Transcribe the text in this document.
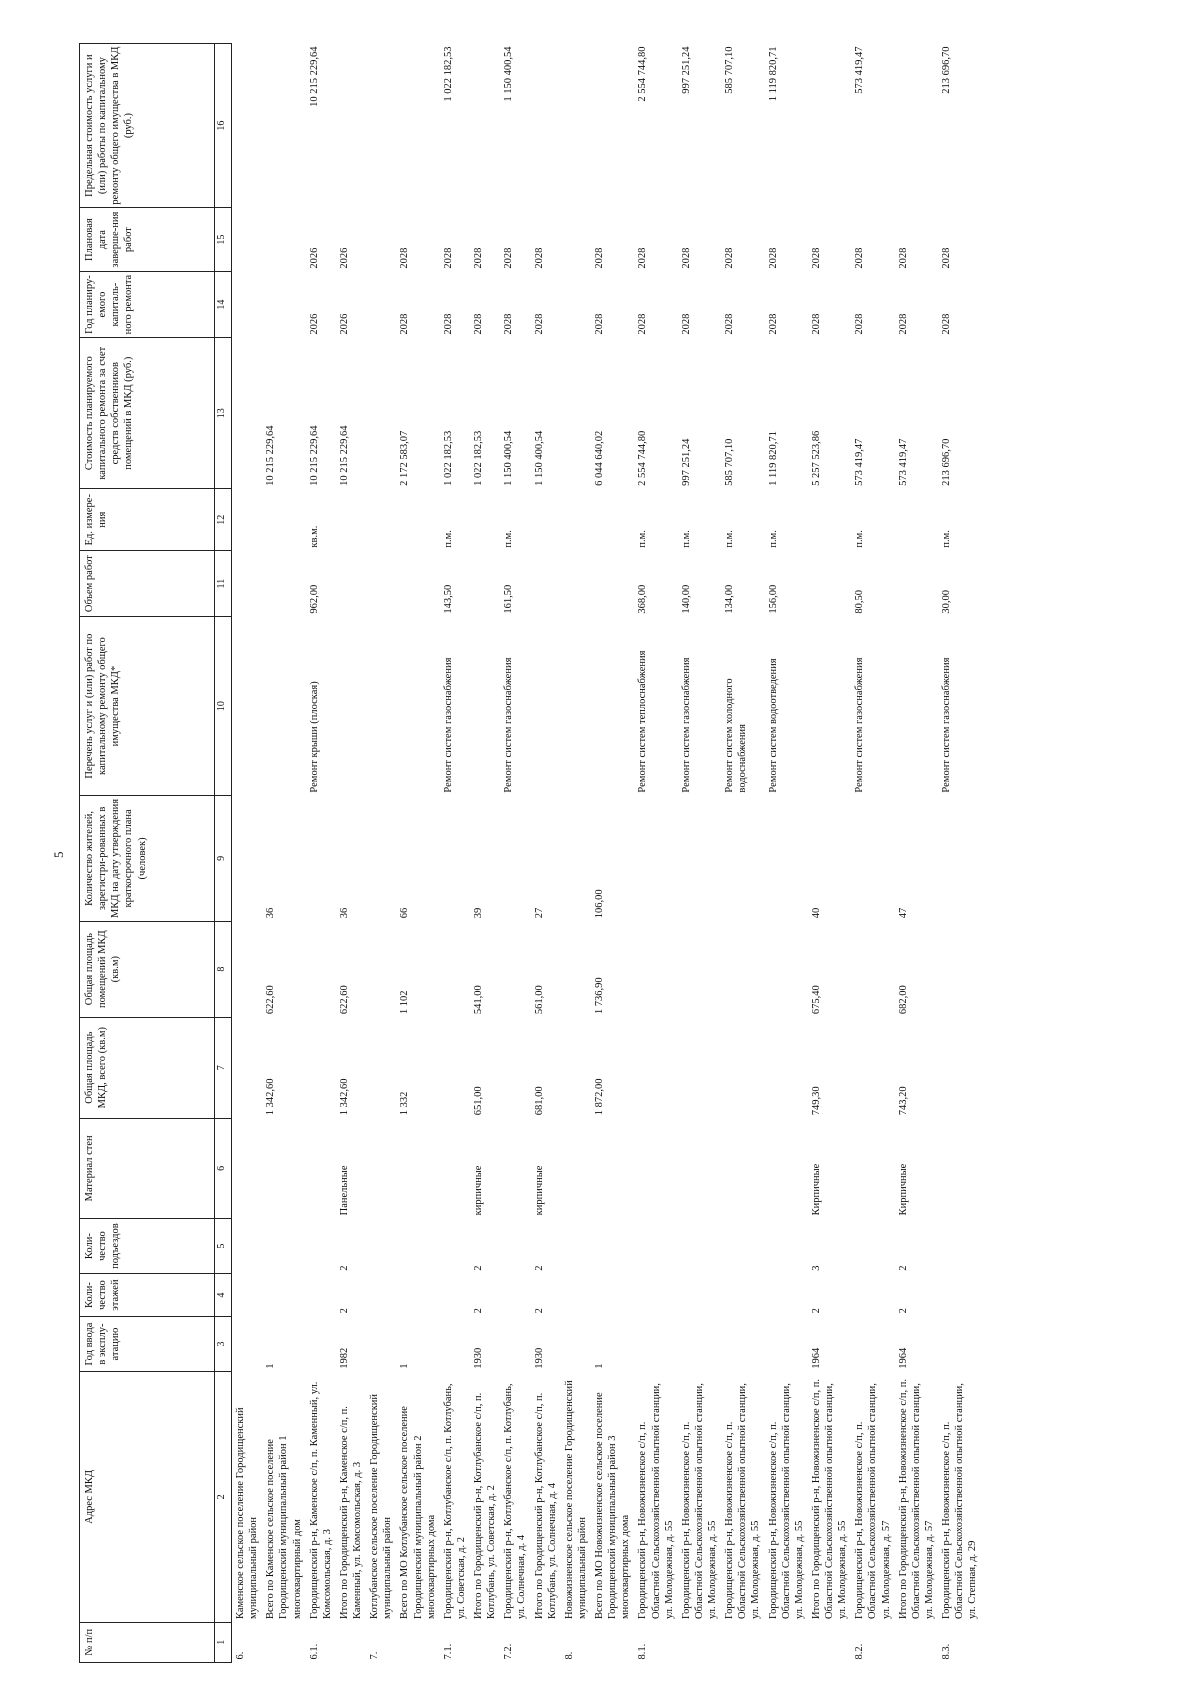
5
№ п/п	Адрес МКД	Год ввода в эксплу-атацию	Коли-чество этажей	Коли-чество подъездов	Материал стен	Общая площадь МКД, всего (кв.м)	Общая площадь помещений МКД (кв.м)	Количество жителей, зарегистри-рованных в МКД на дату утверждения краткосрочного плана (человек)	Перечень услуг и (или) работ по капитальному ремонту общего имущества МКД*	Объем работ	Ед. измере-ния	Стоимость планируемого капитального ремонта за счет средств собственников помещений в МКД (руб.)	Год планиру-емого капиталь-ного ремонта	Плановая дата заверше-ния работ	Предельная стоимость услуги и (или) работы по капитальному ремонту общего имущества в МКД (руб.)
1	2	3	4	5	6	7	8	9	10	11	12	13	14	15	16
6.	Каменское сельское поселение Городищенский муниципальный район														
	Всего по Каменское сельское поселение Городищенский муниципальный район 1 многоквартирный дом	1				1 342,60	622,60	36				10 215 229,64			
6.1.	Городищенский р-н, Каменское с/п, п. Каменный, ул. Комсомольская, д. 3								Ремонт крыши (плоская)	962,00	кв.м.	10 215 229,64	2026	2026	10 215 229,64
	Итого по Городищенский р-н, Каменское с/п, п. Каменный, ул. Комсомольская, д. 3	1982	2	2	Панельные	1 342,60	622,60	36				10 215 229,64	2026	2026	
7.	Котлубанское сельское поселение Городищенский муниципальный район														
	Всего по МО Котлубанское сельское поселение Городищенский муниципальный район 2 многоквартирных дома	1				1 332	1 102	66				2 172 583,07	2028	2028	
7.1.	Городищенский р-н, Котлубанское с/п, п. Котлубань, ул. Советская, д. 2								Ремонт систем газоснабжения	143,50	п.м.	1 022 182,53	2028	2028	1 022 182,53
	Итого по Городищенский р-н, Котлубанское с/п, п. Котлубань, ул. Советская, д. 2	1930	2	2	кирпичные	651,00	541,00	39				1 022 182,53	2028	2028	
7.2.	Городищенский р-н, Котлубанское с/п, п. Котлубань, ул. Солнечная, д. 4								Ремонт систем газоснабжения	161,50	п.м.	1 150 400,54	2028	2028	1 150 400,54
	Итого по Городищенский р-н, Котлубанское с/п, п. Котлубань, ул. Солнечная, д. 4	1930	2	2	кирпичные	681,00	561,00	27				1 150 400,54	2028	2028	
8.	Новожизненское сельское поселение Городищенский муниципальный район														
	Всего по МО Новожизненское сельское поселение Городищенский муниципальный район 3 многоквартирных дома	1				1 872,00	1 736,90	106,00				6 044 640,02	2028	2028	
8.1.	Городищенский р-н, Новожизненское с/п, п. Областной Сельскохозяйственной опытной станции, ул. Молодежная, д. 55								Ремонт систем теплоснабжения	368,00	п.м.	2 554 744,80	2028	2028	2 554 744,80
	Городищенский р-н, Новожизненское с/п, п. Областной Сельскохозяйственной опытной станции, ул. Молодежная, д. 55								Ремонт систем газоснабжения	140,00	п.м.	997 251,24	2028	2028	997 251,24
	Городищенский р-н, Новожизненское с/п, п. Областной Сельскохозяйственной опытной станции, ул. Молодежная, д. 55								Ремонт систем холодного водоснабжения	134,00	п.м.	585 707,10	2028	2028	585 707,10
	Городищенский р-н, Новожизненское с/п, п. Областной Сельскохозяйственной опытной станции, ул. Молодежная, д. 55								Ремонт систем водоотведения	156,00	п.м.	1 119 820,71	2028	2028	1 119 820,71
	Итого по Городищенский р-н, Новожизненское с/п, п. Областной Сельскохозяйственной опытной станции, ул. Молодежная, д. 55	1964	2	3	Кирпичные	749,30	675,40	40				5 257 523,86	2028	2028	
8.2.	Городищенский р-н, Новожизненское с/п, п. Областной Сельскохозяйственной опытной станции, ул. Молодежная, д. 57								Ремонт систем газоснабжения	80,50	п.м.	573 419,47	2028	2028	573 419,47
	Итого по Городищенский р-н, Новожизненское с/п, п. Областной Сельскохозяйственной опытной станции, ул. Молодежная, д. 57	1964	2	2	Кирпичные	743,20	682,00	47				573 419,47	2028	2028	
8.3.	Городищенский р-н, Новожизненское с/п, п. Областной Сельскохозяйственной опытной станции, ул. Степная, д. 29								Ремонт систем газоснабжения	30,00	п.м.	213 696,70	2028	2028	213 696,70
